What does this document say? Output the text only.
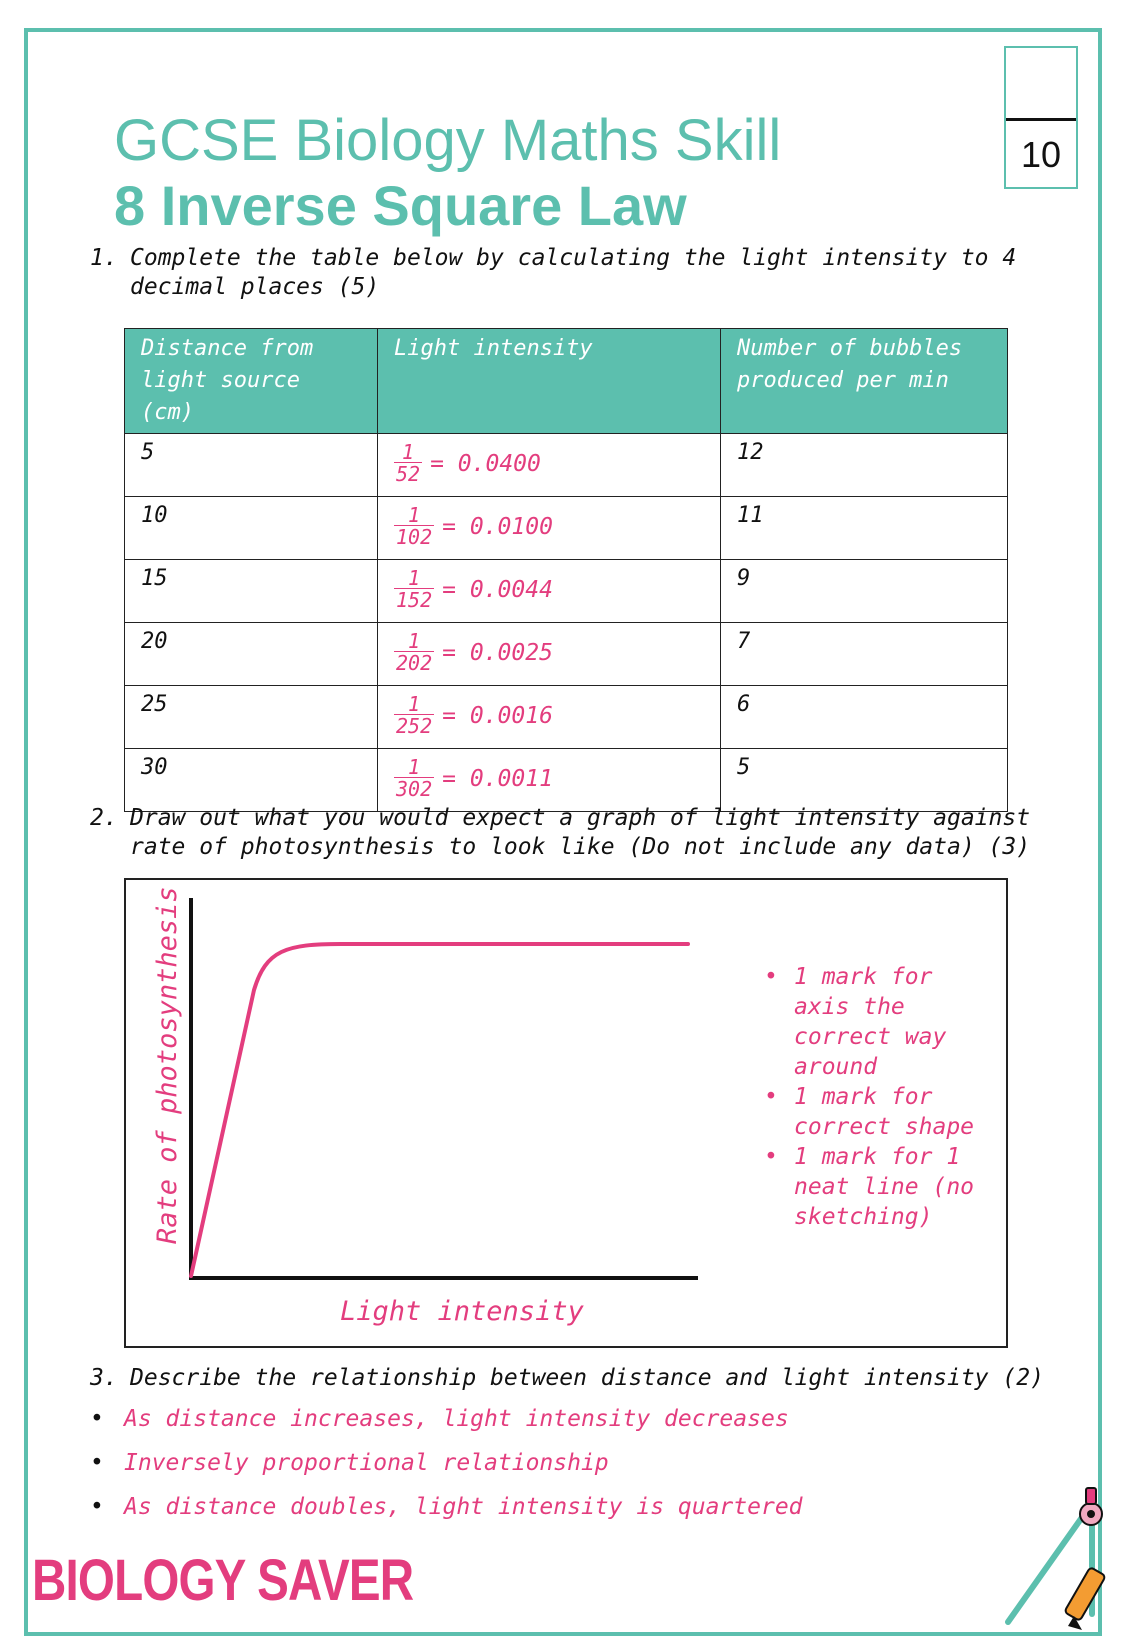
GCSE Biology Maths Skill
8 Inverse Square Law
10
1. Complete the table below by calculating the light intensity to 4 decimal places (5)
Distance from light source (cm)	Light intensity	Number of bubbles produced per min
5	$\frac{1}{52} = 0.0400$	12
10	$\frac{1}{102} = 0.0100$	11
15	$\frac{1}{152} = 0.0044$	9
20	$\frac{1}{202} = 0.0025$	7
25	$\frac{1}{252} = 0.0016$	6
30	$\frac{1}{302} = 0.0011$	5
2. Draw out what you would expect a graph of light intensity against rate of photosynthesis to look like (Do not include any data) (3)
Rate of photosynthesis
Light intensity
• 1 mark for axis the correct way around
• 1 mark for correct shape
• 1 mark for 1 neat line (no sketching)
3. Describe the relationship between distance and light intensity (2)
• As distance increases, light intensity decreases
• Inversely proportional relationship
• As distance doubles, light intensity is quartered
BIOLOGY SAVER
